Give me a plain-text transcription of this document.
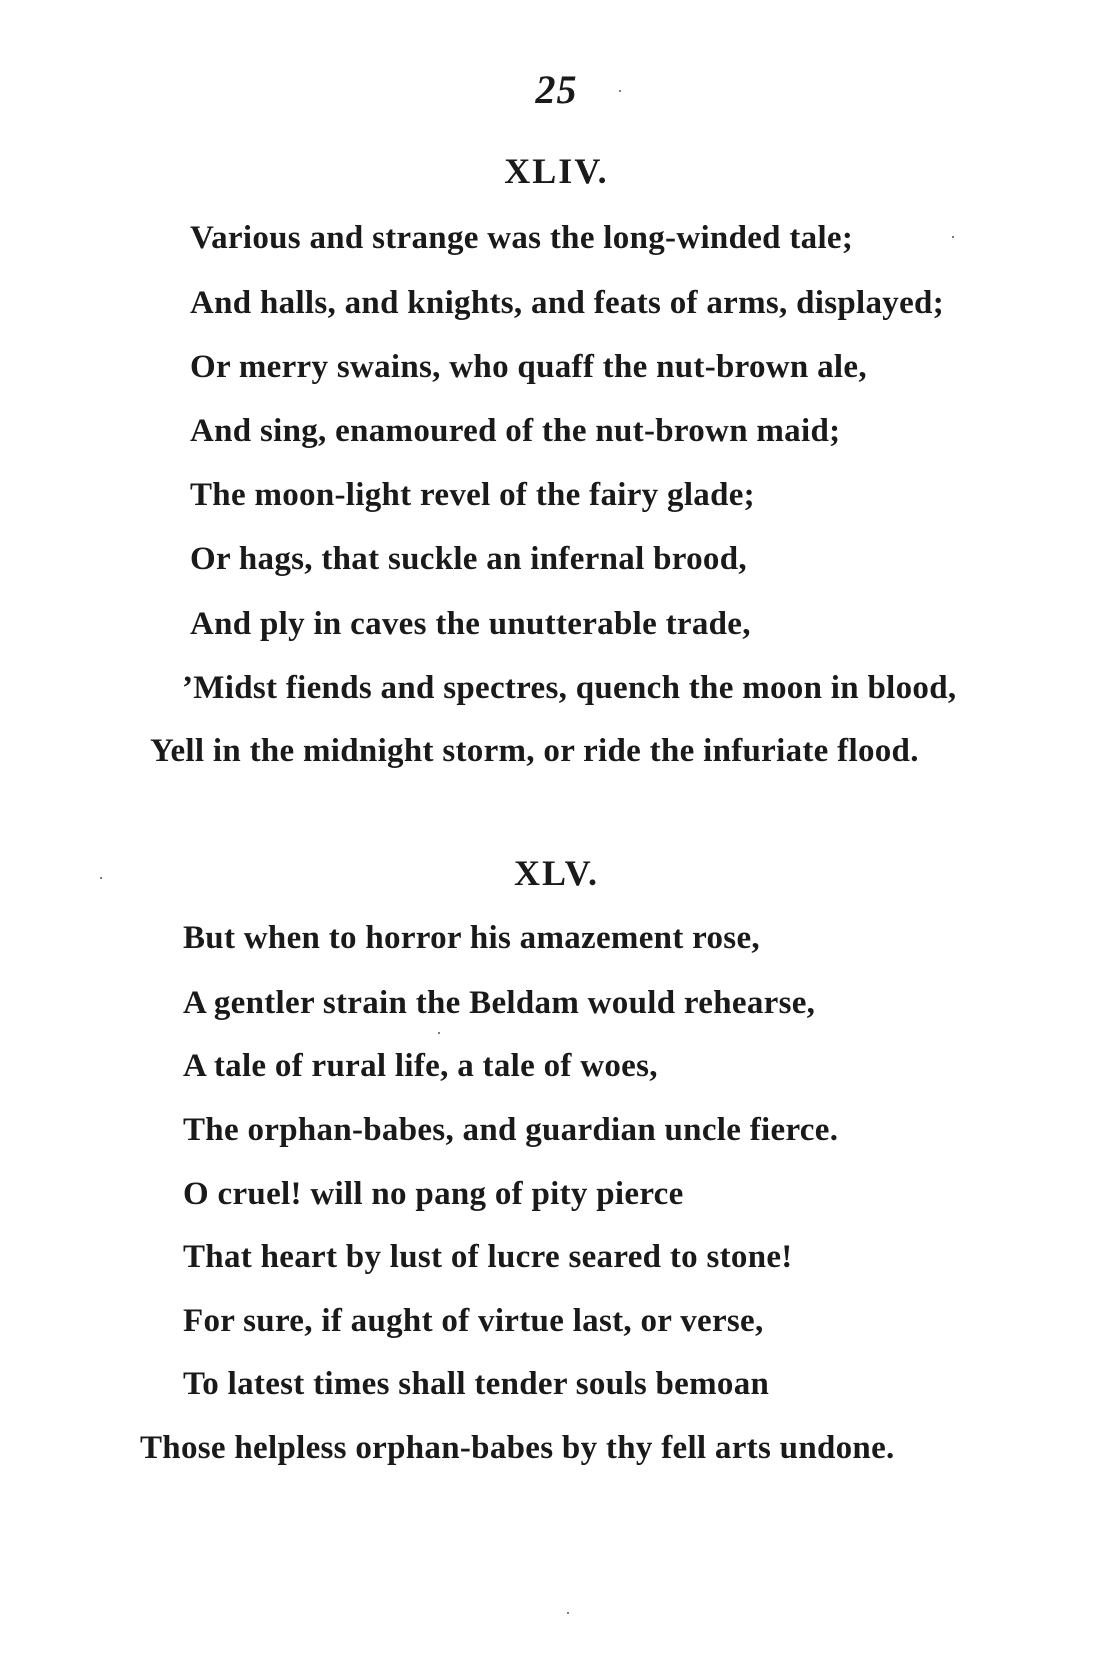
25
XLIV.
Various and strange was the long-winded tale;
And halls, and knights, and feats of arms, displayed;
Or merry swains, who quaff the nut-brown ale,
And sing, enamoured of the nut-brown maid;
The moon-light revel of the fairy glade;
Or hags, that suckle an infernal brood,
And ply in caves the unutterable trade,
’Midst fiends and spectres, quench the moon in blood,
Yell in the midnight storm, or ride the infuriate flood.
XLV.
But when to horror his amazement rose,
A gentler strain the Beldam would rehearse,
A tale of rural life, a tale of woes,
The orphan-babes, and guardian uncle fierce.
O cruel! will no pang of pity pierce
That heart by lust of lucre seared to stone!
For sure, if aught of virtue last, or verse,
To latest times shall tender souls bemoan
Those helpless orphan-babes by thy fell arts undone.
